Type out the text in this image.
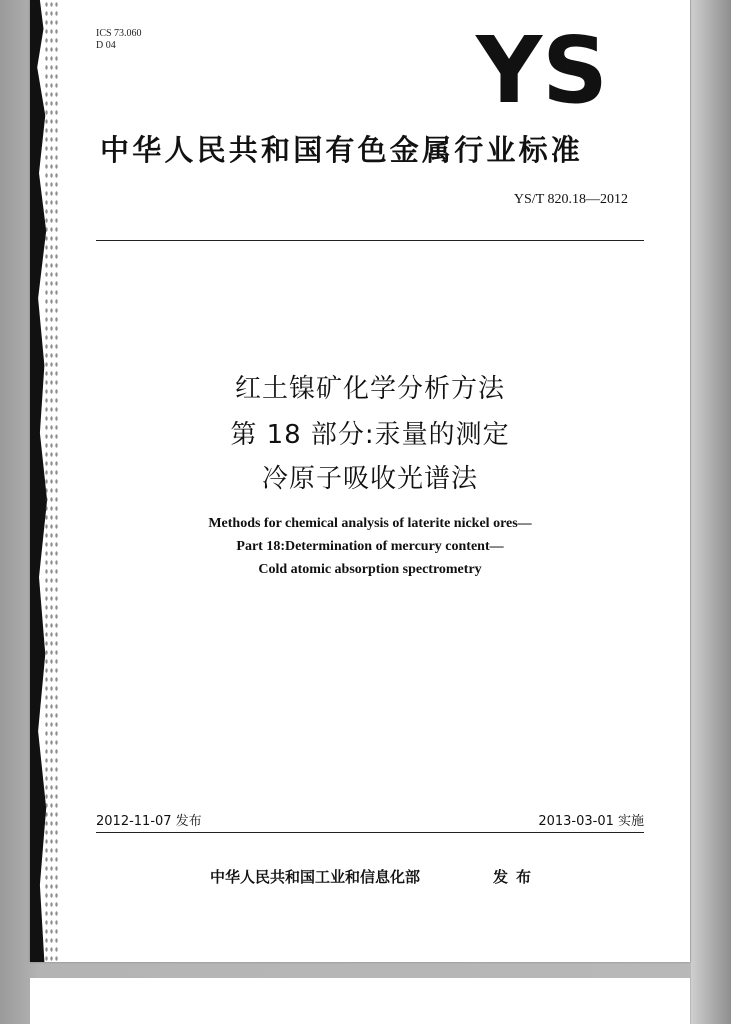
ICS 73.060
D 04	YS
中华人民共和国有色金属行业标准
YS/T 820.18—2012
红土镍矿化学分析方法
第 18 部分:汞量的测定
冷原子吸收光谱法
Methods for chemical analysis of laterite nickel ores—
Part 18:Determination of mercury content—
Cold atomic absorption spectrometry
2012-11-07 发布	2013-03-01 实施
中华人民共和国工业和信息化部	发布
